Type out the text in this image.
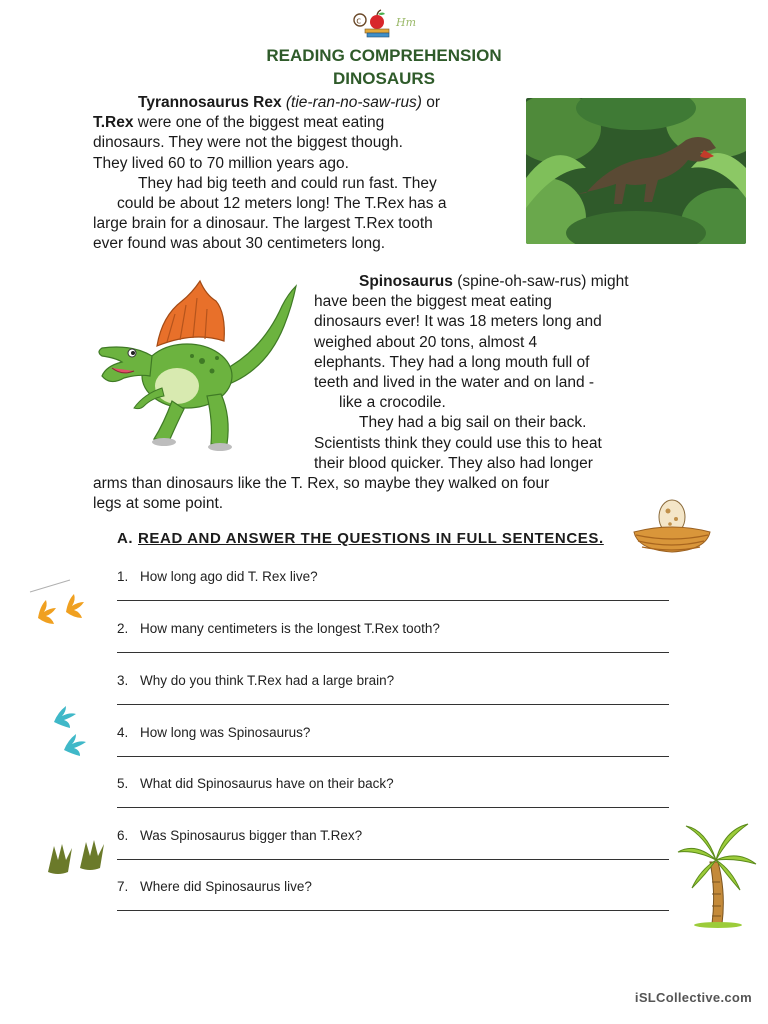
c	Hm
READING COMPREHENSION
DINOSAURS
Tyrannosaurus Rex (tie-ran-no-saw-rus) or
T.Rex were one of the biggest meat eating
dinosaurs. They were not the biggest though.
They lived 60 to 70 million years ago.
They had big teeth and could run fast. They
could be about 12 meters long! The T.Rex has a
large brain for a dinosaur. The largest T.Rex tooth
ever found was about 30 centimeters long.
Spinosaurus (spine-oh-saw-rus) might
have been the biggest meat eating
dinosaurs ever! It was 18 meters long and
weighed about 20 tons, almost 4
elephants. They had a long mouth full of
teeth and lived in the water and on land -
like a crocodile.
They had a big sail on their back.
Scientists think they could use this to heat
their blood quicker. They also had longer
arms than dinosaurs like the T. Rex, so maybe they walked on four
legs at some point.
A. READ AND ANSWER THE QUESTIONS IN FULL SENTENCES.
1. How long ago did T. Rex live?
2. How many centimeters is the longest T.Rex tooth?
3. Why do you think T.Rex had a large brain?
4. How long was Spinosaurus?
5. What did Spinosaurus have on their back?
6. Was Spinosaurus bigger than T.Rex?
7. Where did Spinosaurus live?
iSLCollective.com
